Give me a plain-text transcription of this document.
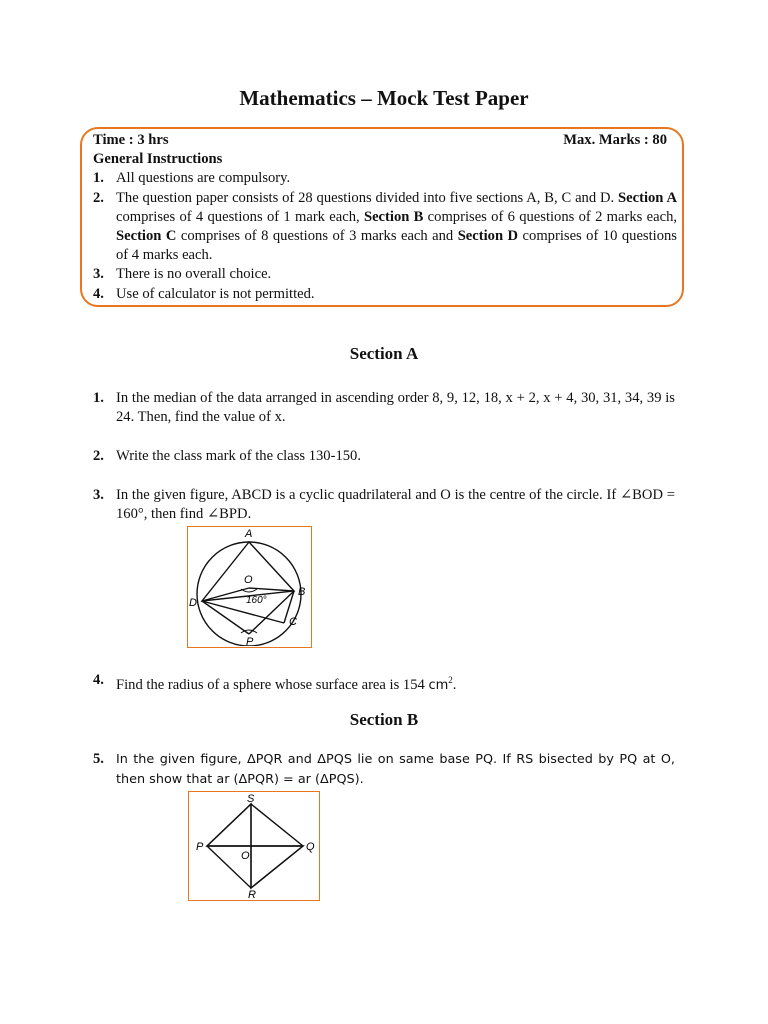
Mathematics – Mock Test Paper
Time : 3 hrs	Max. Marks : 80
General Instructions
1. All questions are compulsory.
2. The question paper consists of 28 questions divided into five sections A, B, C and D. Section A comprises of 4 questions of 1 mark each, Section B comprises of 6 questions of 2 marks each, Section C comprises of 8 questions of 3 marks each and Section D comprises of 10 questions of 4 marks each.
3. There is no overall choice.
4. Use of calculator is not permitted.
Section A
1. In the median of the data arranged in ascending order 8, 9, 12, 18, x + 2, x + 4, 30, 31, 34, 39 is 24. Then, find the value of x.
2. Write the class mark of the class 130-150.
3. In the given figure, ABCD is a cyclic quadrilateral and O is the centre of the circle. If ∠BOD = 160°, then find ∠BPD.
A
O
160°
B
C
D
P
4. Find the radius of a sphere whose surface area is 154 $cm^2$.
Section B
5. In the given figure, ΔPQR and ΔPQS lie on same base PQ. If RS bisected by PQ at O, then show that ar (ΔPQR) = ar (ΔPQS).
S
P	Q
O
R
